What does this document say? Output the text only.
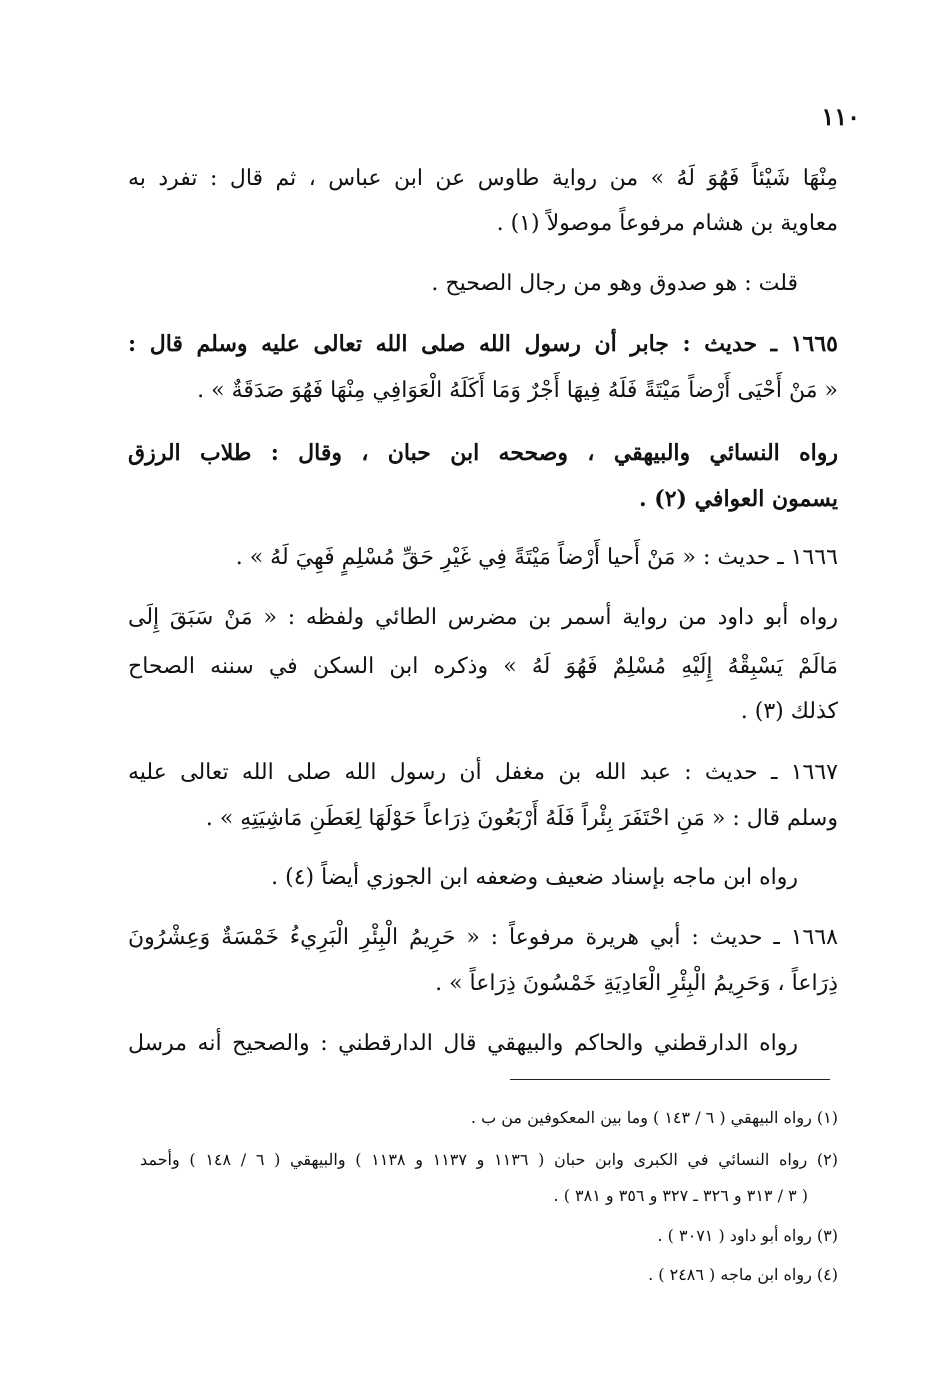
١١٠
مِنْهَا شَيْئاً فَهُوَ لَهُ » من رواية طاوس عن ابن عباس ، ثم قال : تفرد به
معاوية بن هشام مرفوعاً موصولاً (١) .
قلت : هو صدوق وهو من رجال الصحيح .
١٦٦٥ ـ حديث : جابر أن رسول الله صلى الله تعالى عليه وسلم قال :
« مَنْ أَحْيَى أَرْضاً مَيْتَةً فَلَهُ فِيهَا أَجْرٌ وَمَا أَكَلَهُ الْعَوَافِي مِنْهَا فَهُوَ صَدَقَةٌ » .
رواه النسائي والبيهقي ، وصححه ابن حبان ، وقال : طلاب الرزق
يسمون العوافي (٢) .
١٦٦٦ ـ حديث : « مَنْ أَحيا أَرْضاً مَيْتَةً فِي غَيْرِ حَقِّ مُسْلِمٍ فَهِيَ لَهُ » .
رواه أبو داود من رواية أسمر بن مضرس الطائي ولفظه : « مَنْ سَبَقَ إِلَى
مَالَمْ يَسْبِقْهُ إِلَيْهِ مُسْلِمٌ فَهُوَ لَهُ » وذكره ابن السكن في سننه الصحاح
كذلك (٣) .
١٦٦٧ ـ حديث : عبد الله بن مغفل أن رسول الله صلى الله تعالى عليه
وسلم قال : « مَنِ احْتَفَرَ بِئْراً فَلَهُ أَرْبَعُونَ ذِرَاعاً حَوْلَهَا لِعَطَنِ مَاشِيَتِهِ » .
رواه ابن ماجه بإسناد ضعيف وضعفه ابن الجوزي أيضاً (٤) .
١٦٦٨ ـ حديث : أبي هريرة مرفوعاً : « حَرِيمُ الْبِئْرِ الْبَرِيءُ خَمْسَةٌ وَعِشْرُونَ
ذِرَاعاً ، وَحَرِيمُ الْبِئْرِ الْعَادِيَةِ خَمْسُونَ ذِرَاعاً » .
رواه الدارقطني والحاكم والبيهقي قال الدارقطني : والصحيح أنه مرسل
(١) رواه البيهقي ( ٦ / ١٤٣ ) وما بين المعكوفين من ب .
(٢) رواه النسائي في الكبرى وابن حبان ( ١١٣٦ و ١١٣٧ و ١١٣٨ ) والبيهقي ( ٦ / ١٤٨ ) وأحمد
( ٣ / ٣١٣ و ٣٢٦ ـ ٣٢٧ و ٣٥٦ و ٣٨١ ) .
(٣) رواه أبو داود ( ٣٠٧١ ) .
(٤) رواه ابن ماجه ( ٢٤٨٦ ) .
